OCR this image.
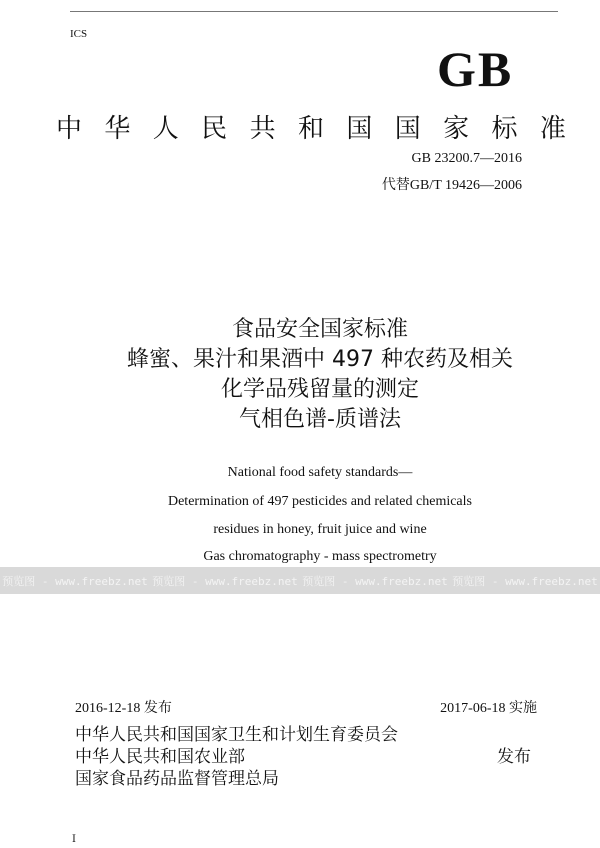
ICS
GB
中 华 人 民 共 和 国 国 家 标 准
GB 23200.7—2016
代替GB/T 19426—2006
食品安全国家标准
蜂蜜、果汁和果酒中 497 种农药及相关
化学品残留量的测定
气相色谱-质谱法
National food safety standards—
Determination of 497 pesticides and related chemicals
residues in honey, fruit juice and wine
Gas chromatography - mass spectrometry
预览图 - www.freebz.net 预览图 - www.freebz.net 预览图 - www.freebz.net 预览图 - www.freebz.net
2016-12-18 发布	2017-06-18 实施
中华人民共和国国家卫生和计划生育委员会
中华人民共和国农业部
国家食品药品监督管理总局
发布
I
